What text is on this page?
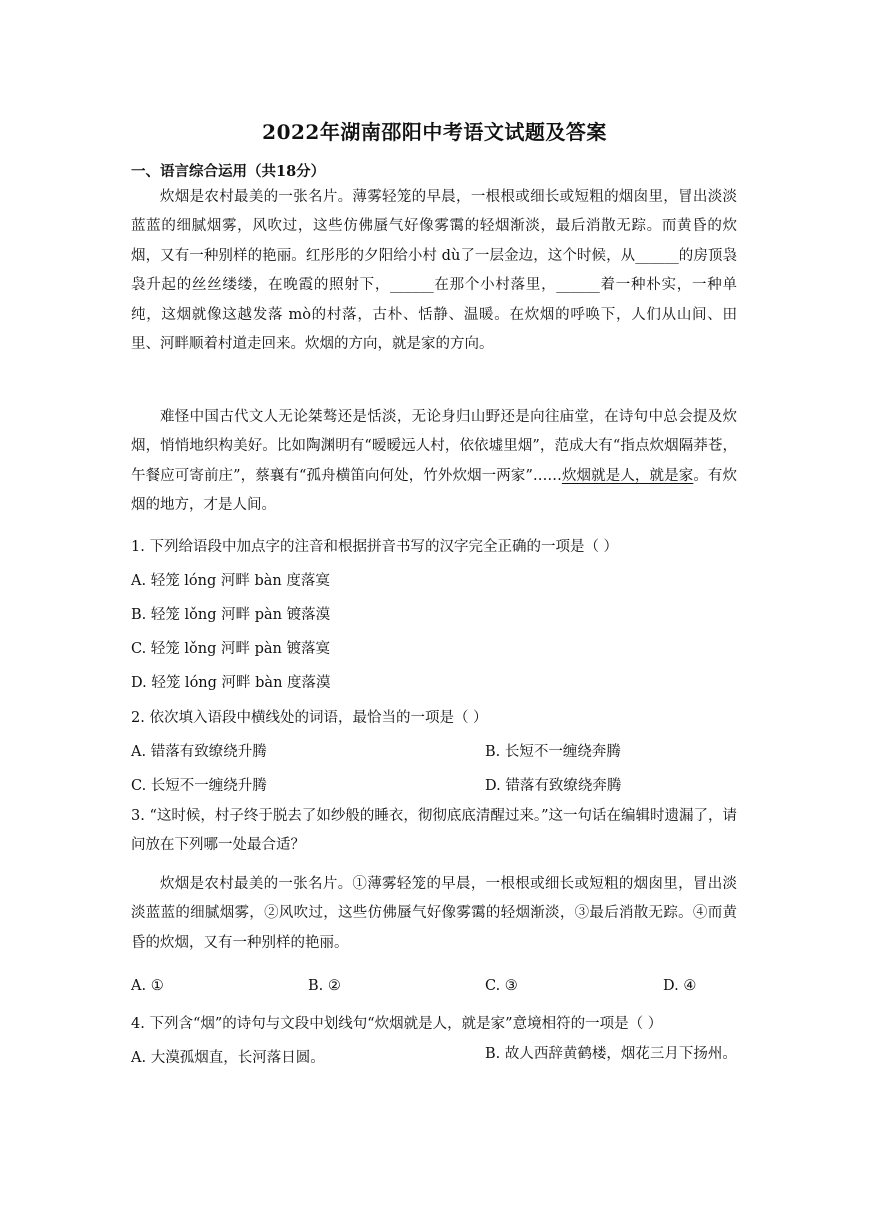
2022年湖南邵阳中考语文试题及答案
一、语言综合运用（共18分）

炊烟是农村最美的一张名片。薄雾轻笼的早晨，一根根或细长或短粗的烟囱里，冒出淡淡蓝蓝的细腻烟雾，风吹过，这些仿佛蜃气好像雾霭的轻烟渐淡，最后消散无踪。而黄昏的炊烟，又有一种别样的艳丽。红彤彤的夕阳给小村 dù了一层金边，这个时候，从______的房顶袅袅升起的丝丝缕缕，在晚霞的照射下，______在那个小村落里，______着一种朴实，一种单纯，这烟就像这越发落 mò的村落，古朴、恬静、温暖。在炊烟的呼唤下，人们从山间、田里、河畔顺着村道走回来。炊烟的方向，就是家的方向。

难怪中国古代文人无论桀骜还是恬淡，无论身归山野还是向往庙堂，在诗句中总会提及炊烟，悄悄地织构美好。比如陶渊明有“暧暧远人村，依依墟里烟”，范成大有“指点炊烟隔莽苍，午餐应可寄前庄”，蔡襄有“孤舟横笛向何处，竹外炊烟一两家”……炊烟就是人，就是家。有炊烟的地方，才是人间。

1. 下列给语段中加点字的注音和根据拼音书写的汉字完全正确的一项是（ ）
A. 轻笼 lóng 河畔 bàn 度落寞
B. 轻笼 lǒng 河畔 pàn 镀落漠
C. 轻笼 lǒng 河畔 pàn 镀落寞
D. 轻笼 lóng 河畔 bàn 度落漠
2. 依次填入语段中横线处的词语，最恰当的一项是（ ）
A. 错落有致缭绕升腾	B. 长短不一缠绕奔腾
C. 长短不一缠绕升腾	D. 错落有致缭绕奔腾

3. “这时候，村子终于脱去了如纱般的睡衣，彻彻底底清醒过来。”这一句话在编辑时遗漏了，请问放在下列哪一处最合适？

炊烟是农村最美的一张名片。①薄雾轻笼的早晨，一根根或细长或短粗的烟囱里，冒出淡淡蓝蓝的细腻烟雾，②风吹过，这些仿佛蜃气好像雾霭的轻烟渐淡，③最后消散无踪。④而黄昏的炊烟，又有一种别样的艳丽。

A. ①	B. ②	C. ③	D. ④
4. 下列含“烟”的诗句与文段中划线句“炊烟就是人，就是家”意境相符的一项是（ ）
A. 大漠孤烟直，长河落日圆。	B. 故人西辞黄鹤楼，烟花三月下扬州。
